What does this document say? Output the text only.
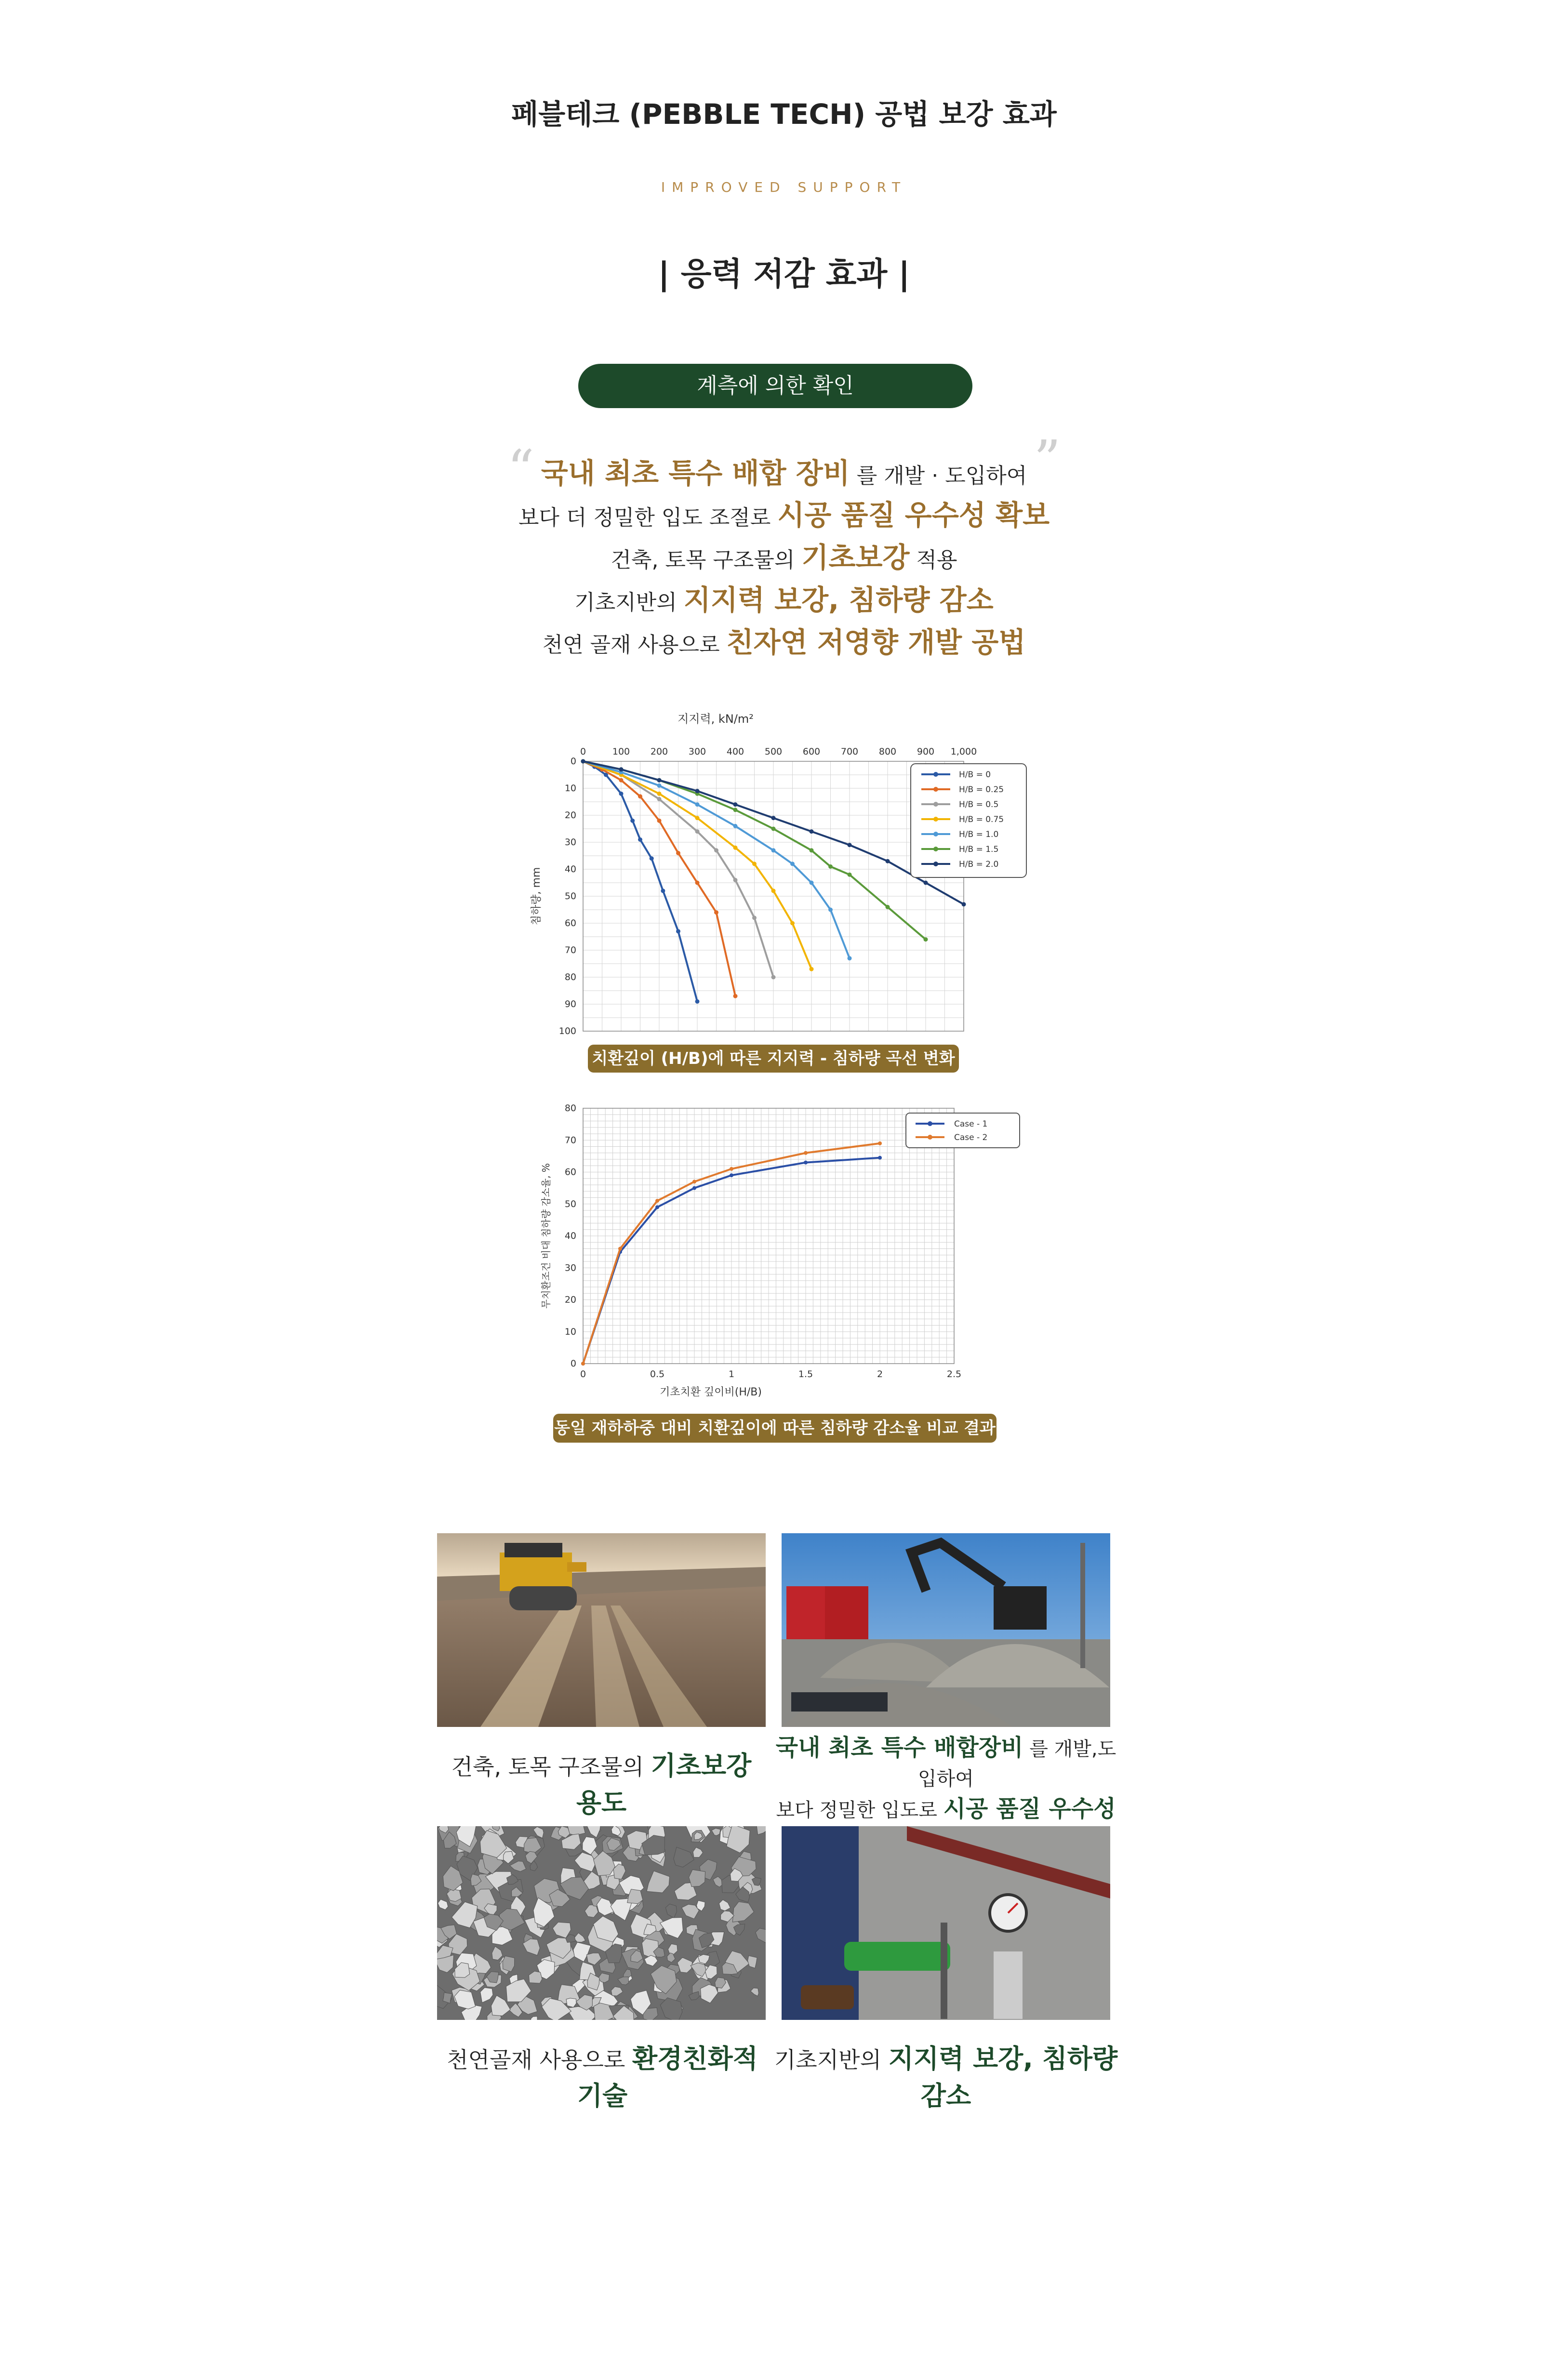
페블테크 (PEBBLE TECH) 공법 보강 효과
IMPROVED SUPPORT
| 응력 저감 효과 |
계측에 의한 확인
“ 국내 최초 특수 배합 장비 를 개발 · 도입하여 ”
보다 더 정밀한 입도 조절로 시공 품질 우수성 확보
건축, 토목 구조물의 기초보강 적용
기초지반의 지지력 보강, 침하량 감소
천연 골재 사용으로 친자연 저영향 개발 공법
0	100 200 300 400 500 600 700 800 900 1,000
0
10
20
30
40
50
60
70
80
90
100
지지력, kN/m²
침하량, mm
H/B = 0
H/B = 0.25
H/B = 0.5
H/B = 0.75
H/B = 1.0
H/B = 1.5
H/B = 2.0
치환깊이 (H/B)에 따른 지지력 - 침하량 곡선 변화
0	0.5	1	1.5	2	2.5
0
10
20
30
40
50
60
70
80
기초치환 깊이비(H/B)
무치환조건 비대 침하량 감소율, %
Case - 1
Case - 2
동일 재하하중 대비 치환깊이에 따른 침하량 감소율 비교 결과
건축, 토목 구조물의 기초보강 용도
국내 최초 특수 배합장비 를 개발,도입하여
보다 정밀한 입도로 시공 품질 우수성
천연골재 사용으로 환경친화적 기술
기초지반의 지지력 보강, 침하량 감소
